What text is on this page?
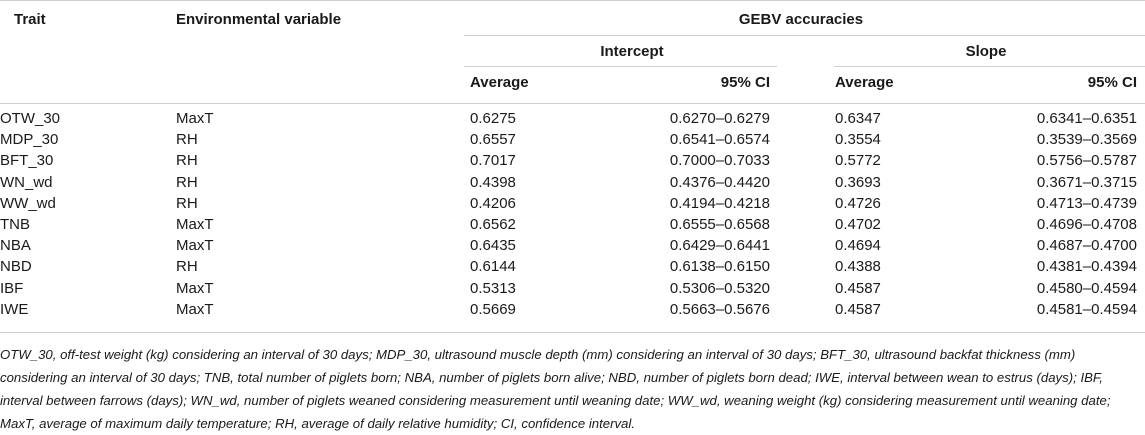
Trait	Environmental variable	GEBV accuracies
Intercept	Slope
Average	95% CI	Average	95% CI
OTW_30	MaxT	0.6275	0.6270–0.6279	0.6347	0.6341–0.6351
MDP_30	RH	0.6557	0.6541–0.6574	0.3554	0.3539–0.3569
BFT_30	RH	0.7017	0.7000–0.7033	0.5772	0.5756–0.5787
WN_wd	RH	0.4398	0.4376–0.4420	0.3693	0.3671–0.3715
WW_wd	RH	0.4206	0.4194–0.4218	0.4726	0.4713–0.4739
TNB	MaxT	0.6562	0.6555–0.6568	0.4702	0.4696–0.4708
NBA	MaxT	0.6435	0.6429–0.6441	0.4694	0.4687–0.4700
NBD	RH	0.6144	0.6138–0.6150	0.4388	0.4381–0.4394
IBF	MaxT	0.5313	0.5306–0.5320	0.4587	0.4580–0.4594
IWE	MaxT	0.5669	0.5663–0.5676	0.4587	0.4581–0.4594
OTW_30, off-test weight (kg) considering an interval of 30 days; MDP_30, ultrasound muscle depth (mm) considering an interval of 30 days; BFT_30, ultrasound backfat thickness (mm) considering an interval of 30 days; TNB, total number of piglets born; NBA, number of piglets born alive; NBD, number of piglets born dead; IWE, interval between wean to estrus (days); IBF, interval between farrows (days); WN_wd, number of piglets weaned considering measurement until weaning date; WW_wd, weaning weight (kg) considering measurement until weaning date; MaxT, average of maximum daily temperature; RH, average of daily relative humidity; CI, confidence interval.
